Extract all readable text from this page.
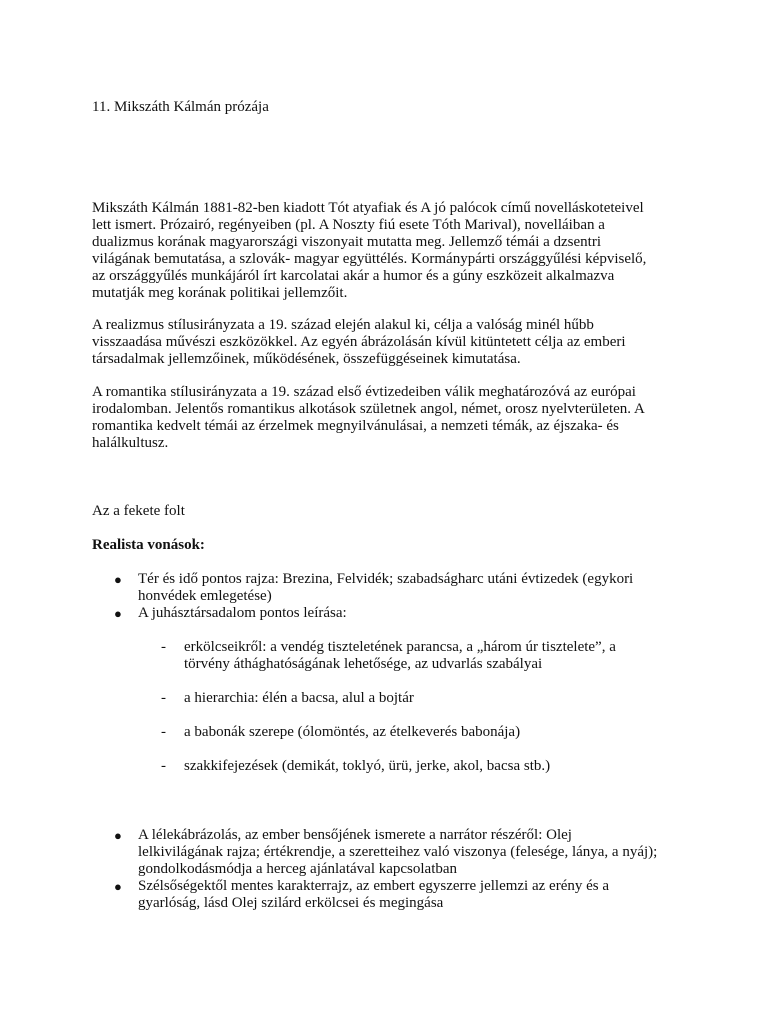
11. Mikszáth Kálmán prózája
Mikszáth Kálmán 1881-82-ben kiadott Tót atyafiak és A jó palócok című novelláskoteteivel
lett ismert. Prózairó, regényeiben (pl. A Noszty fiú esete Tóth Marival), novelláiban a
dualizmus korának magyarországi viszonyait mutatta meg. Jellemző témái a dzsentri
világának bemutatása, a szlovák- magyar együttélés. Kormánypárti országgyűlési képviselő,
az országgyűlés munkájáról írt karcolatai akár a humor és a gúny eszközeit alkalmazva
mutatják meg korának politikai jellemzőit.
A realizmus stílusirányzata a 19. század elején alakul ki, célja a valóság minél hűbb
visszaadása művészi eszközökkel. Az egyén ábrázolásán kívül kitüntetett célja az emberi
társadalmak jellemzőinek, működésének, összefüggéseinek kimutatása.
A romantika stílusirányzata a 19. század első évtizedeiben válik meghatározóvá az európai
irodalomban. Jelentős romantikus alkotások születnek angol, német, orosz nyelvterületen. A
romantika kedvelt témái az érzelmek megnyilvánulásai, a nemzeti témák, az éjszaka- és
halálkultusz.
Az a fekete folt
Realista vonások:
● Tér és idő pontos rajza: Brezina, Felvidék; szabadságharc utáni évtizedek (egykori
honvédek emlegetése)
● A juhásztársadalom pontos leírása:
- erkölcseikről: a vendég tiszteletének parancsa, a „három úr tisztelete”, a
törvény áthághatóságának lehetősége, az udvarlás szabályai
- a hierarchia: élén a bacsa, alul a bojtár
- a babonák szerepe (ólomöntés, az ételkeverés babonája)
- szakkifejezések (demikát, toklyó, ürü, jerke, akol, bacsa stb.)
● A lélekábrázolás, az ember bensőjének ismerete a narrátor részéről: Olej
lelkivilágának rajza; értékrendje, a szeretteihez való viszonya (felesége, lánya, a nyáj);
gondolkodásmódja a herceg ajánlatával kapcsolatban
● Szélsőségektől mentes karakterrajz, az embert egyszerre jellemzi az erény és a
gyarlóság, lásd Olej szilárd erkölcsei és megingása
